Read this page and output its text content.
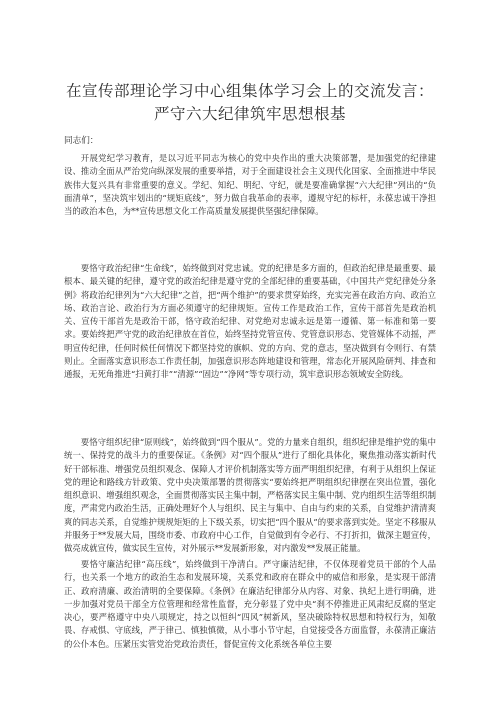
在宣传部理论学习中心组集体学习会上的交流发言：
严守六大纪律筑牢思想根基
同志们：

开展党纪学习教育，是以习近平同志为核心的党中央作出的重大决策部署，是加强党的纪律建设、推动全面从严治党向纵深发展的重要举措，对于全面建设社会主义现代化国家、全面推进中华民族伟大复兴具有非常重要的意义。学纪、知纪、明纪、守纪，就是要准确掌握“六大纪律”列出的“负面清单”，坚决筑牢划出的“规矩底线”，努力做自我革命的表率，遵规守纪的标杆，永葆忠诚干净担当的政治本色，为**宣传思想文化工作高质量发展提供坚强纪律保障。

要恪守政治纪律“生命线”，始终做到对党忠诚。党的纪律是多方面的，但政治纪律是最重要、最根本、最关键的纪律，遵守党的政治纪律是遵守党的全部纪律的重要基础，《中国共产党纪律处分条例》将政治纪律列为“六大纪律”之首，把“两个维护”的要求贯穿始终，充实完善在政治方向、政治立场、政治言论、政治行为方面必须遵守的纪律规矩。宣传工作是政治工作，宣传干部首先是政治机关、宣传干部首先是政治干部，恪守政治纪律、对党绝对忠诚永远是第一遵循、第一标准和第一要求。要始终把严守党的政治纪律放在首位，始终坚持党管宣传、党管意识形态、党管媒体不动摇，严明宣传纪律，任何时候任何情况下都坚持党的旗帜、党的方向、党的意志，坚决做到有令则行、有禁则止。全面落实意识形态工作责任制，加强意识形态阵地建设和管理，常态化开展风险研判、排查和通报，无死角推进“扫黄打非”“清源”“固边”“净网”等专项行动，筑牢意识形态领域安全防线。

要恪守组织纪律“原则线”，始终做到“四个服从”。党的力量来自组织，组织纪律是维护党的集中统一、保持党的战斗力的重要保证。《条例》对“四个服从”进行了细化具体化，聚焦推动落实新时代好干部标准、增强党员组织观念、保障人才评价机制落实等方面严明组织纪律，有利于从组织上保证党的理论和路线方针政策、党中央决策部署的贯彻落实“要始终把严明组织纪律摆在突出位置，强化组织意识、增强组织观念，全面贯彻落实民主集中制，严格落实民主集中制、党内组织生活等组织制度，严肃党内政治生活，正确处理好个人与组织、民主与集中、自由与约束的关系，自觉维护清清爽爽的同志关系，自觉维护规规矩矩的上下级关系，切实把“四个服从”的要求落到实处。坚定不移服从并服务于**发展大局，围绕市委、市政府中心工作，自觉做到有令必行、不打折扣，做深主题宣传，做亮成就宣传，做实民生宣传，对外展示**发展新形象，对内激发**发展正能量。

要恪守廉洁纪律“高压线”，始终做到干净清白。严守廉洁纪律，不仅体现着党员干部的个人品行，也关系一个地方的政治生态和发展环境，关系党和政府在群众中的威信和形象，是实现干部清正、政府清廉、政治清明的全要保障。《条例》在廉洁纪律部分从内容、对象、执纪上进行明确，进一步加强对党员干部全方位管理和经常性监督，充分彰显了党中央“刹不停推进正风肃纪反腐的坚定决心，要严格遵守中央八项规定，持之以恒纠“四风”树新风，坚决破除特权思想和特权行为，知敬畏、存戒惧、守底线，严于律己、慎独慎微，从小事小节守起，自觉接受各方面监督，永葆清正廉洁的公仆本色。压紧压实管党治党政治责任，督促宣传文化系统各单位主要
